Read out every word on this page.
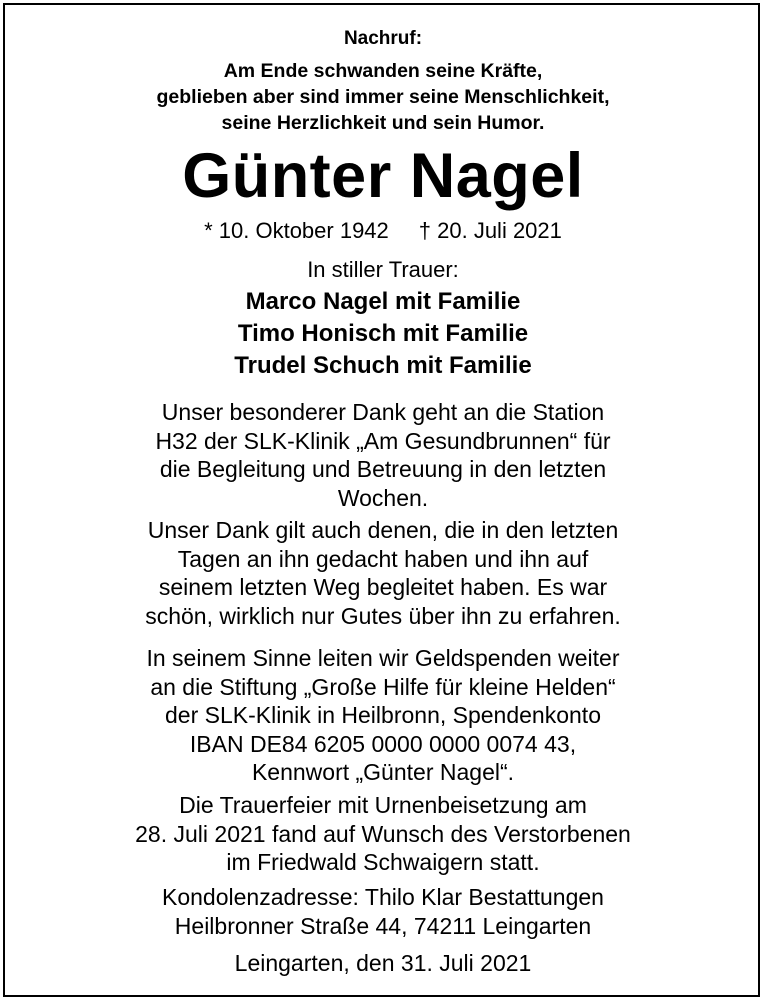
Nachruf:
Am Ende schwanden seine Kräfte,
geblieben aber sind immer seine Menschlichkeit,
seine Herzlichkeit und sein Humor.
Günter Nagel
* 10. Oktober 1942 † 20. Juli 2021
In stiller Trauer:
Marco Nagel mit Familie
Timo Honisch mit Familie
Trudel Schuch mit Familie
Unser besonderer Dank geht an die Station
H32 der SLK-Klinik „Am Gesundbrunnen“ für
die Begleitung und Betreuung in den letzten
Wochen.
Unser Dank gilt auch denen, die in den letzten
Tagen an ihn gedacht haben und ihn auf
seinem letzten Weg begleitet haben. Es war
schön, wirklich nur Gutes über ihn zu erfahren.
In seinem Sinne leiten wir Geldspenden weiter
an die Stiftung „Große Hilfe für kleine Helden“
der SLK-Klinik in Heilbronn, Spendenkonto
IBAN DE84 6205 0000 0000 0074 43,
Kennwort „Günter Nagel“.
Die Trauerfeier mit Urnenbeisetzung am
28. Juli 2021 fand auf Wunsch des Verstorbenen
im Friedwald Schwaigern statt.
Kondolenzadresse: Thilo Klar Bestattungen
Heilbronner Straße 44, 74211 Leingarten
Leingarten, den 31. Juli 2021
